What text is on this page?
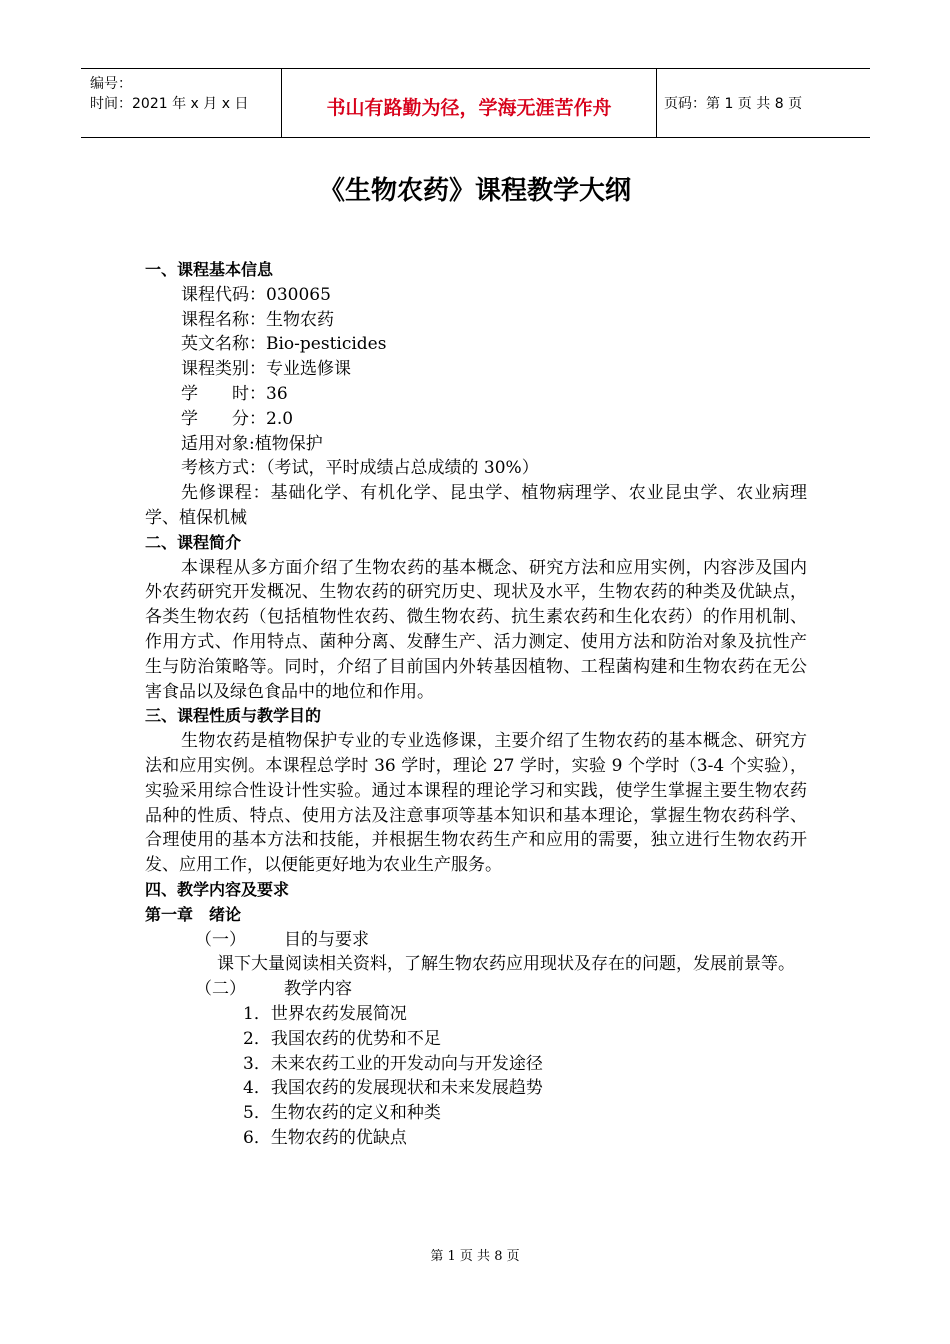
编号：
时间：2021 年 x 月 x 日	书山有路勤为径，学海无涯苦作舟	页码：第 1 页 共 8 页
《生物农药》课程教学大纲

一、课程基本信息

课程代码：030065

课程名称：生物农药

英文名称：Bio-pesticides

课程类别：专业选修课

学　　时：36

学　　分：2.0

适用对象:植物保护

考核方式：（考试，平时成绩占总成绩的 30%）

先修课程：基础化学、有机化学、昆虫学、植物病理学、农业昆虫学、农业病理学、植保机械

二、课程简介

本课程从多方面介绍了生物农药的基本概念、研究方法和应用实例，内容涉及国内外农药研究开发概况、生物农药的研究历史、现状及水平，生物农药的种类及优缺点，各类生物农药（包括植物性农药、微生物农药、抗生素农药和生化农药）的作用机制、作用方式、作用特点、菌种分离、发酵生产、活力测定、使用方法和防治对象及抗性产生与防治策略等。同时，介绍了目前国内外转基因植物、工程菌构建和生物农药在无公害食品以及绿色食品中的地位和作用。

三、课程性质与教学目的

生物农药是植物保护专业的专业选修课，主要介绍了生物农药的基本概念、研究方法和应用实例。本课程总学时 36 学时，理论 27 学时，实验 9 个学时（3-4 个实验），实验采用综合性设计性实验。通过本课程的理论学习和实践，使学生掌握主要生物农药品种的性质、特点、使用方法及注意事项等基本知识和基本理论，掌握生物农药科学、合理使用的基本方法和技能，并根据生物农药生产和应用的需要，独立进行生物农药开发、应用工作，以便能更好地为农业生产服务。

四、教学内容及要求

第一章　绪论

（一） 目的与要求

课下大量阅读相关资料，了解生物农药应用现状及存在的问题，发展前景等。

（二） 教学内容

1．世界农药发展简况

2．我国农药的优势和不足

3．未来农药工业的开发动向与开发途径

4．我国农药的发展现状和未来发展趋势

5．生物农药的定义和种类

6．生物农药的优缺点

第 1 页 共 8 页
